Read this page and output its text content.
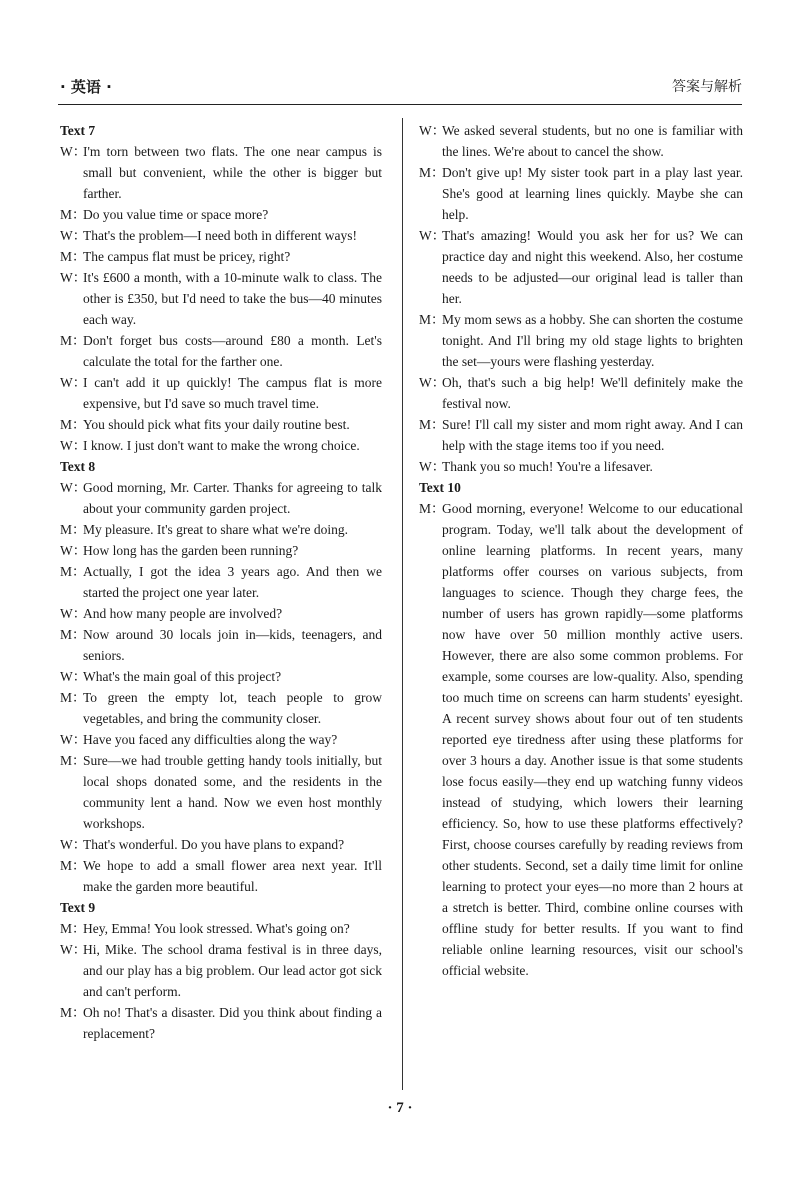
· 英语 ·	答案与解析
Text 7
W：
I'm torn between two flats. The one near campus is small but convenient, while the other is bigger but farther.
M：
Do you value time or space more?
W：
That's the problem—I need both in different ways!
M：
The campus flat must be pricey, right?
W：
It's £600 a month, with a 10-minute walk to class. The other is £350, but I'd need to take the bus—40 minutes each way.
M：
Don't forget bus costs—around £80 a month. Let's calculate the total for the farther one.
W：
I can't add it up quickly! The campus flat is more expensive, but I'd save so much travel time.
M：
You should pick what fits your daily routine best.
W：
I know. I just don't want to make the wrong choice.
Text 8
W：
Good morning, Mr. Carter. Thanks for agreeing to talk about your community garden project.
M：
My pleasure. It's great to share what we're doing.
W：
How long has the garden been running?
M：
Actually, I got the idea 3 years ago. And then we started the project one year later.
W：
And how many people are involved?
M：
Now around 30 locals join in—kids, teenagers, and seniors.
W：
What's the main goal of this project?
M：
To green the empty lot, teach people to grow vegetables, and bring the community closer.
W：
Have you faced any difficulties along the way?
M：
Sure—we had trouble getting handy tools initially, but local shops donated some, and the residents in the community lent a hand. Now we even host monthly workshops.
W：
That's wonderful. Do you have plans to expand?
M：
We hope to add a small flower area next year. It'll make the garden more beautiful.
Text 9
M：
Hey, Emma! You look stressed. What's going on?
W：
Hi, Mike. The school drama festival is in three days, and our play has a big problem. Our lead actor got sick and can't perform.
M：
Oh no! That's a disaster. Did you think about finding a replacement?
W：
We asked several students, but no one is familiar with the lines. We're about to cancel the show.
M：
Don't give up! My sister took part in a play last year. She's good at learning lines quickly. Maybe she can help.
W：
That's amazing! Would you ask her for us? We can practice day and night this weekend. Also, her costume needs to be adjusted—our original lead is taller than her.
M：
My mom sews as a hobby. She can shorten the costume tonight. And I'll bring my old stage lights to brighten the set—yours were flashing yesterday.
W：
Oh, that's such a big help! We'll definitely make the festival now.
M：
Sure! I'll call my sister and mom right away. And I can help with the stage items too if you need.
W：
Thank you so much! You're a lifesaver.
Text 10
M：
Good morning, everyone! Welcome to our educational program. Today, we'll talk about the development of online learning platforms. In recent years, many platforms offer courses on various subjects, from languages to science. Though they charge fees, the number of users has grown rapidly—some platforms now have over 50 million monthly active users. However, there are also some common problems. For example, some courses are low-quality. Also, spending too much time on screens can harm students' eyesight. A recent survey shows about four out of ten students reported eye tiredness after using these platforms for over 3 hours a day. Another issue is that some students lose focus easily—they end up watching funny videos instead of studying, which lowers their learning efficiency. So, how to use these platforms effectively? First, choose courses carefully by reading reviews from other students. Second, set a daily time limit for online learning to protect your eyes—no more than 2 hours at a stretch is better. Third, combine online courses with offline study for better results. If you want to find reliable online learning resources, visit our school's official website.
· 7 ·
